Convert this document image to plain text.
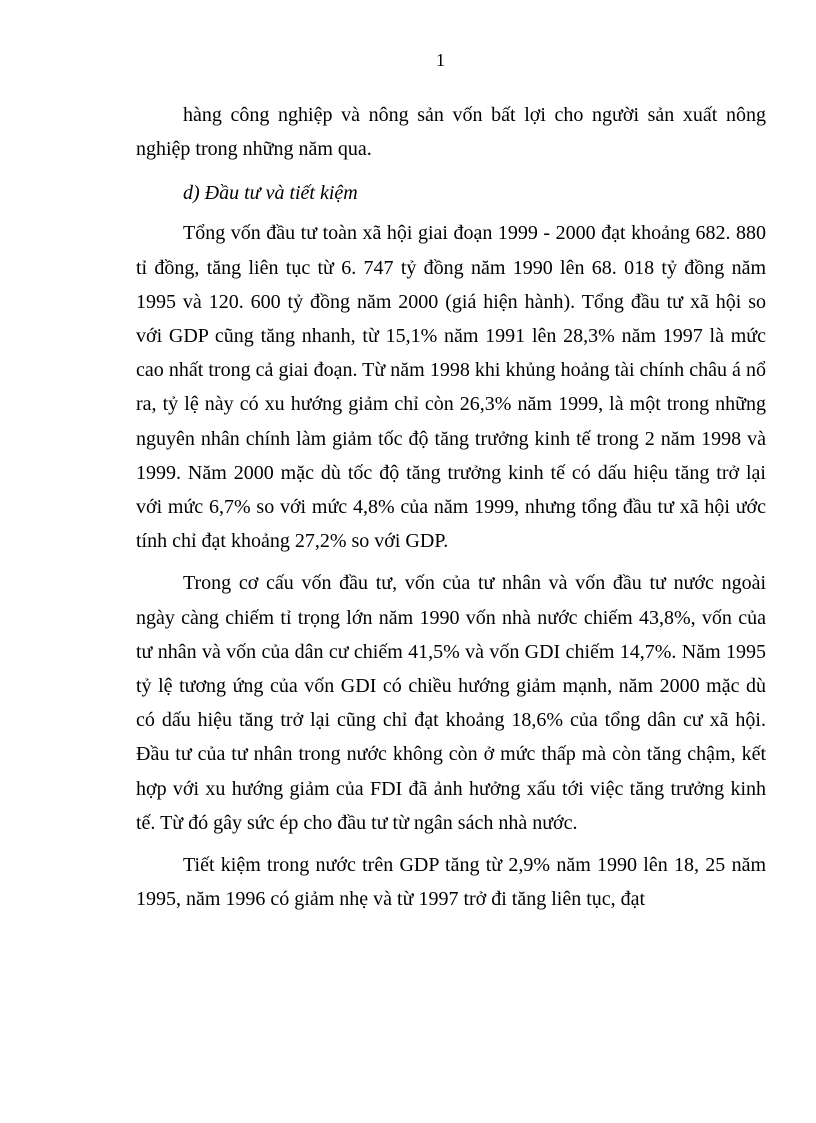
1

hàng công nghiệp và nông sản vốn bất lợi cho người sản xuất nông nghiệp trong những năm qua.

d) Đầu tư và tiết kiệm

Tổng vốn đầu tư toàn xã hội giai đoạn 1999 - 2000 đạt khoảng 682. 880 tỉ đồng, tăng liên tục từ 6. 747 tỷ đồng năm 1990 lên 68. 018 tỷ đồng năm 1995 và 120. 600 tỷ đồng năm 2000 (giá hiện hành). Tổng đầu tư xã hội so với GDP cũng tăng nhanh, từ 15,1% năm 1991 lên 28,3% năm 1997 là mức cao nhất trong cả giai đoạn. Từ năm 1998 khi khủng hoảng tài chính châu á nổ ra, tỷ lệ này có xu hướng giảm chỉ còn 26,3% năm 1999, là một trong những nguyên nhân chính làm giảm tốc độ tăng trưởng kinh tế trong 2 năm 1998 và 1999. Năm 2000 mặc dù tốc độ tăng trưởng kinh tế có dấu hiệu tăng trở lại với mức 6,7% so với mức 4,8% của năm 1999, nhưng tổng đầu tư xã hội ước tính chỉ đạt khoảng 27,2% so với GDP.

Trong cơ cấu vốn đầu tư, vốn của tư nhân và vốn đầu tư nước ngoài ngày càng chiếm tỉ trọng lớn năm 1990 vốn nhà nước chiếm 43,8%, vốn của tư nhân và vốn của dân cư chiếm 41,5% và vốn GDI chiếm 14,7%. Năm 1995 tỷ lệ tương ứng của vốn GDI có chiều hướng giảm mạnh, năm 2000 mặc dù có dấu hiệu tăng trở lại cũng chỉ đạt khoảng 18,6% của tổng dân cư xã hội. Đầu tư của tư nhân trong nước không còn ở mức thấp mà còn tăng chậm, kết hợp với xu hướng giảm của FDI đã ảnh hưởng xấu tới việc tăng trưởng kinh tế. Từ đó gây sức ép cho đầu tư từ ngân sách nhà nước.

Tiết kiệm trong nước trên GDP tăng từ 2,9% năm 1990 lên 18, 25 năm 1995, năm 1996 có giảm nhẹ và từ 1997 trở đi tăng liên tục, đạt
